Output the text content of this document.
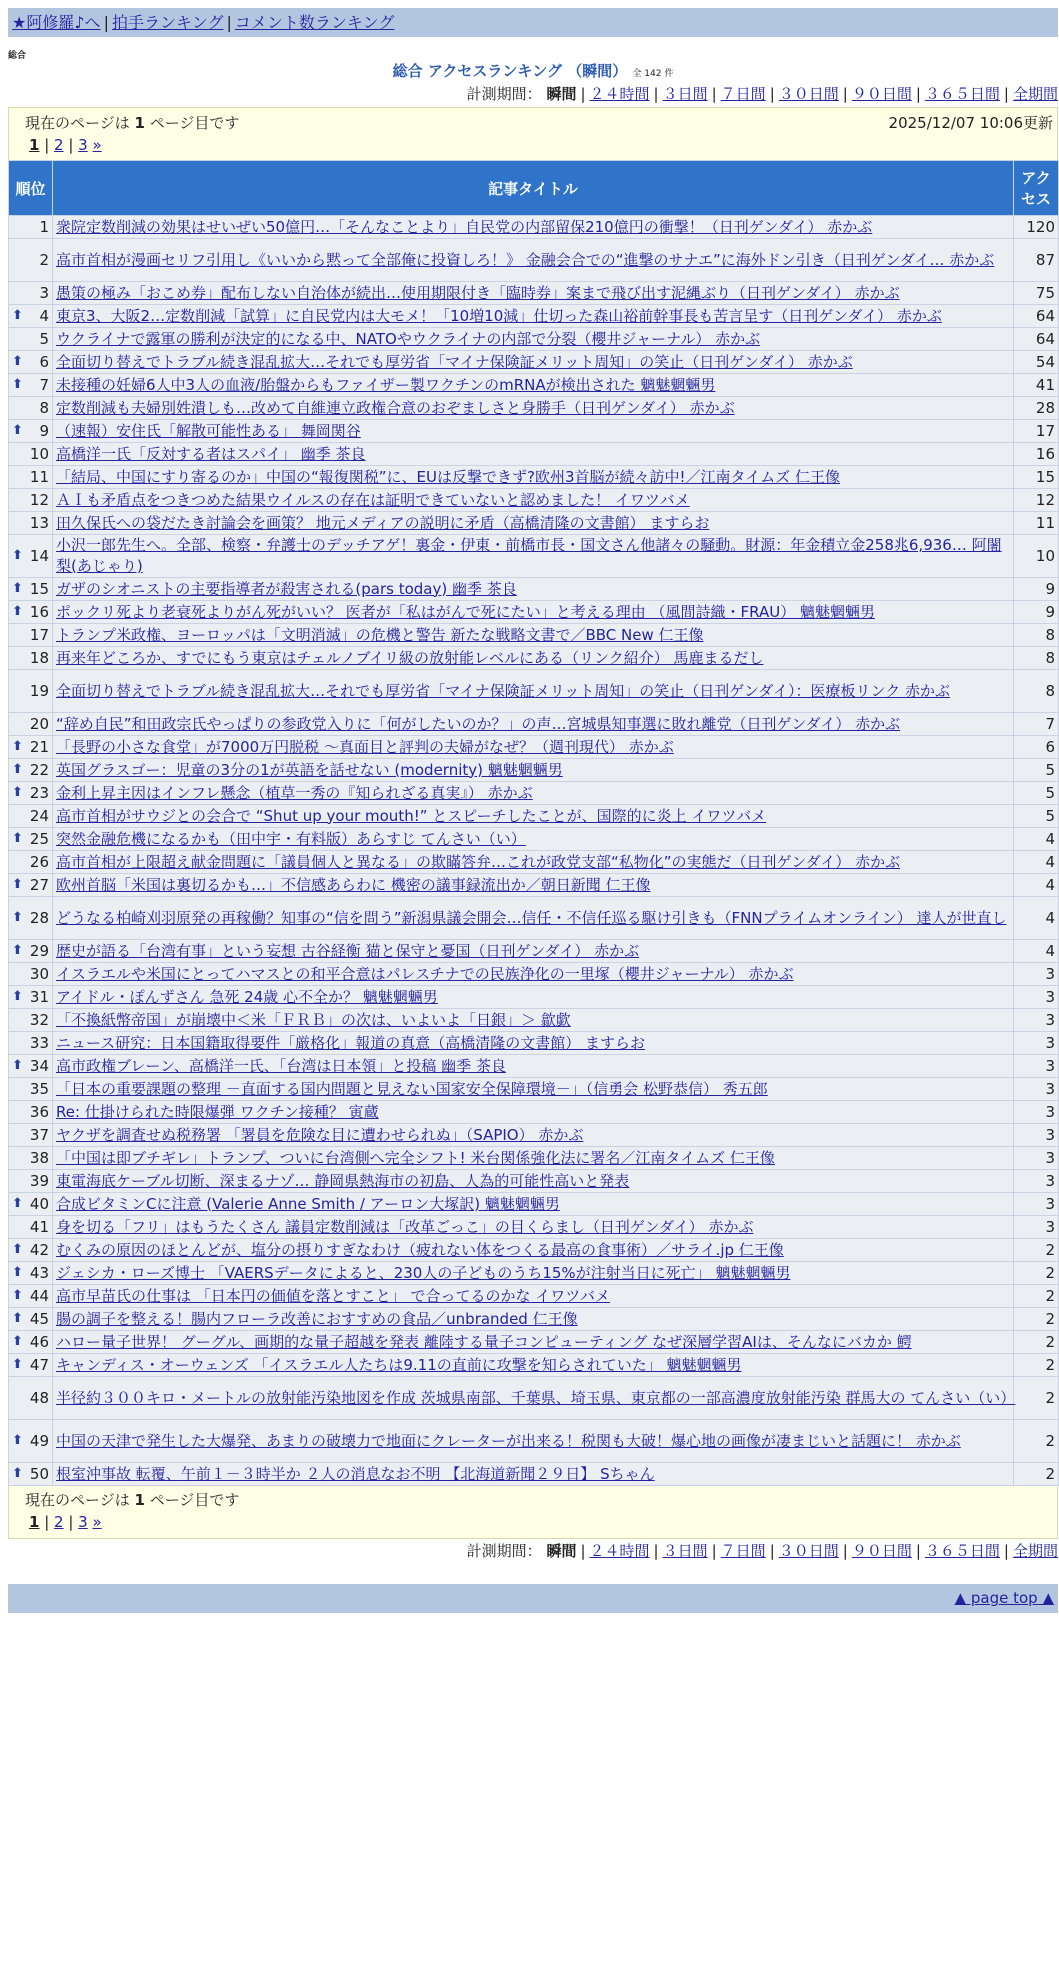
★阿修羅♪へ | 拍手ランキング | コメント数ランキング
総合
総合 アクセスランキング （瞬間） 全 142 件
計測期間： 瞬間 | ２４時間 | ３日間 | ７日間 | ３０日間 | ９０日間 | ３６５日間 | 全期間
現在のページは 1 ページ目です	2025/12/07 10:06更新
1 | 2 | 3 »
順位	記事タイトル	アクセス
1	衆院定数削減の効果はせいぜい50億円…「そんなことより」自民党の内部留保210億円の衝撃！（日刊ゲンダイ） 赤かぶ	120
2	高市首相が漫画セリフ引用し《いいから黙って全部俺に投資しろ！》 金融会合での“進撃のサナエ”に海外ドン引き（日刊ゲンダイ… 赤かぶ	87
3	愚策の極み「おこめ券」配布しない自治体が続出…使用期限付き「臨時券」案まで飛び出す泥縄ぶり（日刊ゲンダイ） 赤かぶ	75

⬆ 4	東京3、大阪2…定数削減「試算」に自民党内は大モメ！「10増10減」仕切った森山裕前幹事長も苦言呈す（日刊ゲンダイ） 赤かぶ	64
5	ウクライナで露軍の勝利が決定的になる中、NATOやウクライナの内部で分裂（櫻井ジャーナル） 赤かぶ	64

⬆ 6	全面切り替えでトラブル続き混乱拡大…それでも厚労省「マイナ保険証メリット周知」の笑止（日刊ゲンダイ） 赤かぶ	54

⬆ 7	未接種の妊婦6人中3人の血液/胎盤からもファイザー製ワクチンのmRNAが検出された 魑魅魍魎男	41
8	定数削減も夫婦別姓潰しも…改めて自維連立政権合意のおぞましさと身勝手（日刊ゲンダイ） 赤かぶ	28

⬆ 9	（速報）安住氏「解散可能性ある」 舞岡関谷	17
10	高橋洋一氏「反対する者はスパイ」 幽季 茶良	16
11	「結局、中国にすり寄るのか」中国の“報復関税”に、EUは反撃できず?欧州3首脳が続々訪中!／江南タイムズ 仁王像	15
12	ＡＩも矛盾点をつきつめた結果ウイルスの存在は証明できていないと認めました！ イワツバメ	12
13	田久保氏への袋だたき討論会を画策？ 地元メディアの説明に矛盾（高橋清隆の文書館） ますらお	11

⬆ 14	小沢一郎先生へ。全部、検察・弁護士のデッチアゲ！裏金・伊東・前橋市長・国文さん他諸々の騒動。財源：年金積立金258兆6,936… 阿闍梨(あじゃり)	10

⬆ 15	ガザのシオニストの主要指導者が殺害される(pars today) 幽季 茶良	9

⬆ 16	ポックリ死より老衰死よりがん死がいい？ 医者が「私はがんで死にたい」と考える理由 （風間詩織・FRAU） 魑魅魍魎男	9
17	トランプ米政権、ヨーロッパは「文明消滅」の危機と警告 新たな戦略文書で／BBC New 仁王像	8
18	再来年どころか、すでにもう東京はチェルノブイリ級の放射能レベルにある（リンク紹介） 馬鹿まるだし	8
19	全面切り替えでトラブル続き混乱拡大…それでも厚労省「マイナ保険証メリット周知」の笑止（日刊ゲンダイ）：医療板リンク 赤かぶ	8
20	“辞め自民”和田政宗氏やっぱりの参政党入りに「何がしたいのか？」の声…宮城県知事選に敗れ離党（日刊ゲンダイ） 赤かぶ	7

⬆ 21	「長野の小さな食堂」が7000万円脱税 〜真面目と評判の夫婦がなぜ？（週刊現代） 赤かぶ	6

⬆ 22	英国グラスゴー：児童の3分の1が英語を話せない (modernity) 魑魅魍魎男	5

⬆ 23	金利上昇主因はインフレ懸念（植草一秀の『知られざる真実』） 赤かぶ	5
24	高市首相がサウジとの会合で “Shut up your mouth!” とスピーチしたことが、国際的に炎上 イワツバメ	5

⬆ 25	突然金融危機になるかも（田中宇・有料版）あらすじ てんさい（い）	4
26	高市首相が上限超え献金問題に「議員個人と異なる」の欺瞞答弁…これが政党支部“私物化”の実態だ（日刊ゲンダイ） 赤かぶ	4

⬆ 27	欧州首脳「米国は裏切るかも…」不信感あらわに 機密の議事録流出か／朝日新聞 仁王像	4

⬆ 28	どうなる柏崎刈羽原発の再稼働？知事の“信を問う”新潟県議会開会…信任・不信任巡る駆け引きも（FNNプライムオンライン） 達人が世直し	4

⬆ 29	歴史が語る「台湾有事」という妄想 古谷経衡 猫と保守と憂国（日刊ゲンダイ） 赤かぶ	4
30	イスラエルや米国にとってハマスとの和平合意はパレスチナでの民族浄化の一里塚（櫻井ジャーナル） 赤かぶ	3

⬆ 31	アイドル・ぽんずさん 急死 24歳 心不全か？ 魑魅魍魎男	3
32	「不換紙幣帝国」が崩壊中＜米「ＦＲＢ」の次は、いよいよ「日銀」＞ 歙歔	3
33	ニュース研究：日本国籍取得要件「厳格化」報道の真意（高橋清隆の文書館） ますらお	3

⬆ 34	高市政権ブレーン、高橋洋一氏、「台湾は日本領」と投稿 幽季 茶良	3
35	「日本の重要課題の整理 －直面する国内問題と見えない国家安全保障環境－」（信勇会 松野恭信） 秀五郎	3
36	Re: 仕掛けられた時限爆弾 ワクチン接種？ 寅蔵	3
37	ヤクザを調査せぬ税務署 「署員を危険な目に遭わせられぬ」（SAPIO） 赤かぶ	3
38	「中国は即ブチギレ」トランプ、ついに台湾側へ完全シフト! 米台関係強化法に署名／江南タイムズ 仁王像	3
39	東電海底ケーブル切断、深まるナゾ… 静岡県熱海市の初島、人為的可能性高いと発表	3

⬆ 40	合成ビタミンCに注意 (Valerie Anne Smith / アーロン大塚訳) 魑魅魍魎男	3
41	身を切る「フリ」はもうたくさん 議員定数削減は「改革ごっこ」の目くらまし（日刊ゲンダイ） 赤かぶ	3

⬆ 42	むくみの原因のほとんどが、塩分の摂りすぎなわけ（疲れない体をつくる最高の食事術）／サライ.jp 仁王像	2

⬆ 43	ジェシカ・ローズ博士 「VAERSデータによると、230人の子どものうち15%が注射当日に死亡」 魑魅魍魎男	2

⬆ 44	高市早苗氏の仕事は 「日本円の価値を落とすこと」 で合ってるのかな イワツバメ	2

⬆ 45	腸の調子を整える！腸内フローラ改善におすすめの食品／unbranded 仁王像	2

⬆ 46	ハロー量子世界！ グーグル、画期的な量子超越を発表 離陸する量子コンピューティング なぜ深層学習AIは、そんなにバカか 鰐	2

⬆ 47	キャンディス・オーウェンズ 「イスラエル人たちは9.11の直前に攻撃を知らされていた」 魑魅魍魎男	2
48	半径約３００キロ・メートルの放射能汚染地図を作成 茨城県南部、千葉県、埼玉県、東京都の一部高濃度放射能汚染 群馬大の てんさい（い）	2

⬆ 49	中国の天津で発生した大爆発、あまりの破壊力で地面にクレーターが出来る！税関も大破！爆心地の画像が凄まじいと話題に！ 赤かぶ	2

⬆ 50	根室沖事故 転覆、午前１－３時半か ２人の消息なお不明 【北海道新聞２９日】 Sちゃん	2
現在のページは 1 ページ目です
1 | 2 | 3 »
計測期間： 瞬間 | ２４時間 | ３日間 | ７日間 | ３０日間 | ９０日間 | ３６５日間 | 全期間
▲ page top ▲
